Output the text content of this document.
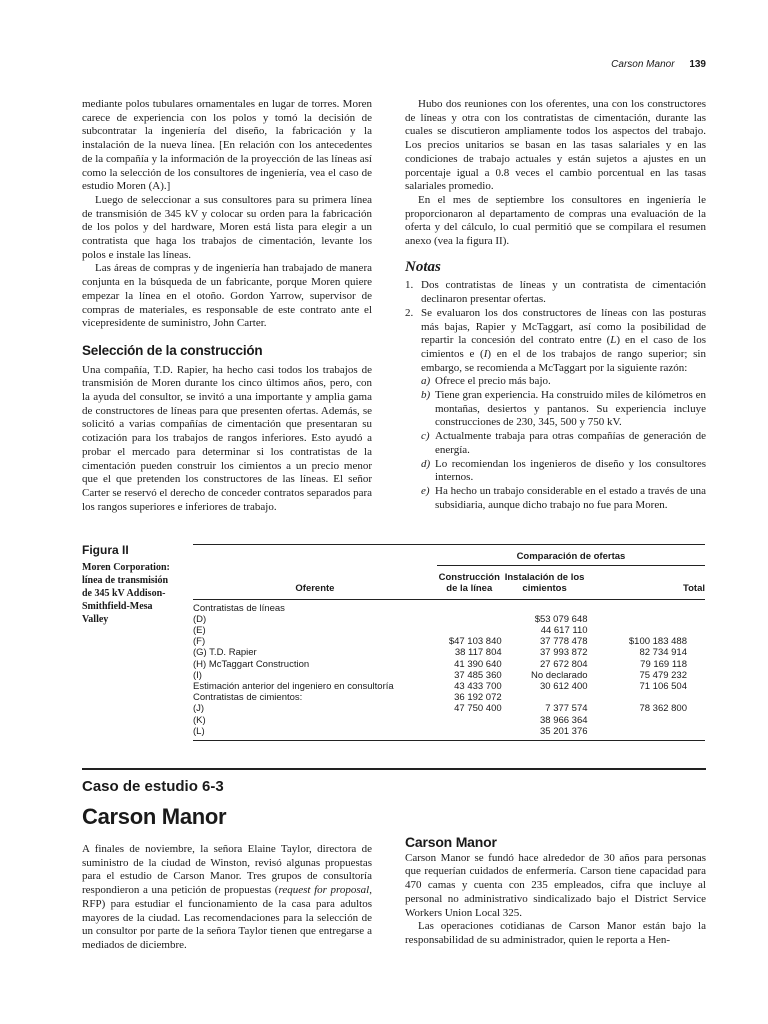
Carson Manor 139

mediante polos tubulares ornamentales en lugar de torres. Moren carece de experiencia con los polos y tomó la decisión de subcontratar la ingeniería del diseño, la fabricación y la instalación de la nueva línea. [En relación con los antecedentes de la compañía y la información de la proyección de las líneas así como la selección de los consultores de ingeniería, vea el caso de estudio Moren (A).]

Luego de seleccionar a sus consultores para su primera línea de transmisión de 345 kV y colocar su orden para la fabricación de los polos y del hardware, Moren está lista para elegir a un contratista que haga los trabajos de cimentación, levante los polos e instale las líneas.

Las áreas de compras y de ingeniería han trabajado de manera conjunta en la búsqueda de un fabricante, porque Moren quiere empezar la línea en el otoño. Gordon Yarrow, supervisor de compras de materiales, es responsable de este contrato ante el vicepresidente de suministro, John Carter.

Selección de la construcción

Una compañía, T.D. Rapier, ha hecho casi todos los trabajos de transmisión de Moren durante los cinco últimos años, pero, con la ayuda del consultor, se invitó a una importante y amplia gama de constructores de líneas para que presenten ofertas. Además, se solicitó a varias compañías de cimentación que presentaran su cotización para los trabajos de rangos inferiores. Esto ayudó a probar el mercado para determinar si los contratistas de la cimentación pueden construir los cimientos a un precio menor que el que pretenden los constructores de las líneas. El señor Carter se reservó el derecho de conceder contratos separados para los rangos superiores e inferiores de trabajo.

Hubo dos reuniones con los oferentes, una con los constructores de líneas y otra con los contratistas de cimentación, durante las cuales se discutieron ampliamente todos los aspectos del trabajo. Los precios unitarios se basan en las tasas salariales y en las condiciones de trabajo actuales y están sujetos a ajustes en un porcentaje igual a 0.8 veces el cambio porcentual en las tasas salariales promedio.

En el mes de septiembre los consultores en ingeniería le proporcionaron al departamento de compras una evaluación de la oferta y del cálculo, lo cual permitió que se compilara el resumen anexo (vea la figura II).

Notas
1. Dos contratistas de líneas y un contratista de cimentación declinaron presentar ofertas.
2. Se evaluaron los dos constructores de líneas con las posturas más bajas, Rapier y McTaggart, así como la posibilidad de repartir la concesión del contrato entre (L) en el caso de los cimientos e (I) en el de los trabajos de rango superior; sin embargo, se recomienda a McTaggart por la siguiente razón:
a) Ofrece el precio más bajo.
b) Tiene gran experiencia. Ha construido miles de kilómetros en montañas, desiertos y pantanos. Su experiencia incluye construcciones de 230, 345, 500 y 750 kV.
c) Actualmente trabaja para otras compañías de generación de energía.
d) Lo recomiendan los ingenieros de diseño y los consultores internos.
e) Ha hecho un trabajo considerable en el estado a través de una subsidiaria, aunque dicho trabajo no fue para Moren.
Figura II
Moren Corporation: línea de transmisión de 345 kV Addison-Smithfield-Mesa Valley
	Comparación de ofertas		
Oferente	Construcción de la línea	Instalación de los cimientos	Total
Contratistas de líneas			
(D)		$53 079 648	
(E)		44 617 110	
(F)	$47 103 840	37 778 478	$100 183 488
(G) T.D. Rapier	38 117 804	37 993 872	82 734 914
(H) McTaggart Construction	41 390 640	27 672 804	79 169 118
(I)	37 485 360	No declarado	75 479 232
Estimación anterior del ingeniero en consultoría	43 433 700	30 612 400	71 106 504
Contratistas de cimientos:	36 192 072		
(J)	47 750 400	7 377 574	78 362 800
(K)		38 966 364	
(L)		35 201 376	
Caso de estudio 6-3
Carson Manor

A finales de noviembre, la señora Elaine Taylor, directora de suministro de la ciudad de Winston, revisó algunas propuestas para el estudio de Carson Manor. Tres grupos de consultoría respondieron a una petición de propuestas (request for proposal, RFP) para estudiar el funcionamiento de la casa para adultos mayores de la ciudad. Las recomendaciones para la selección de un consultor por parte de la señora Taylor tienen que entregarse a mediados de diciembre.

Carson Manor

Carson Manor se fundó hace alrededor de 30 años para personas que requerían cuidados de enfermería. Carson tiene capacidad para 470 camas y cuenta con 235 empleados, cifra que incluye al personal no administrativo sindicalizado bajo el District Service Workers Union Local 325.

Las operaciones cotidianas de Carson Manor están bajo la responsabilidad de su administrador, quien le reporta a Hen-
